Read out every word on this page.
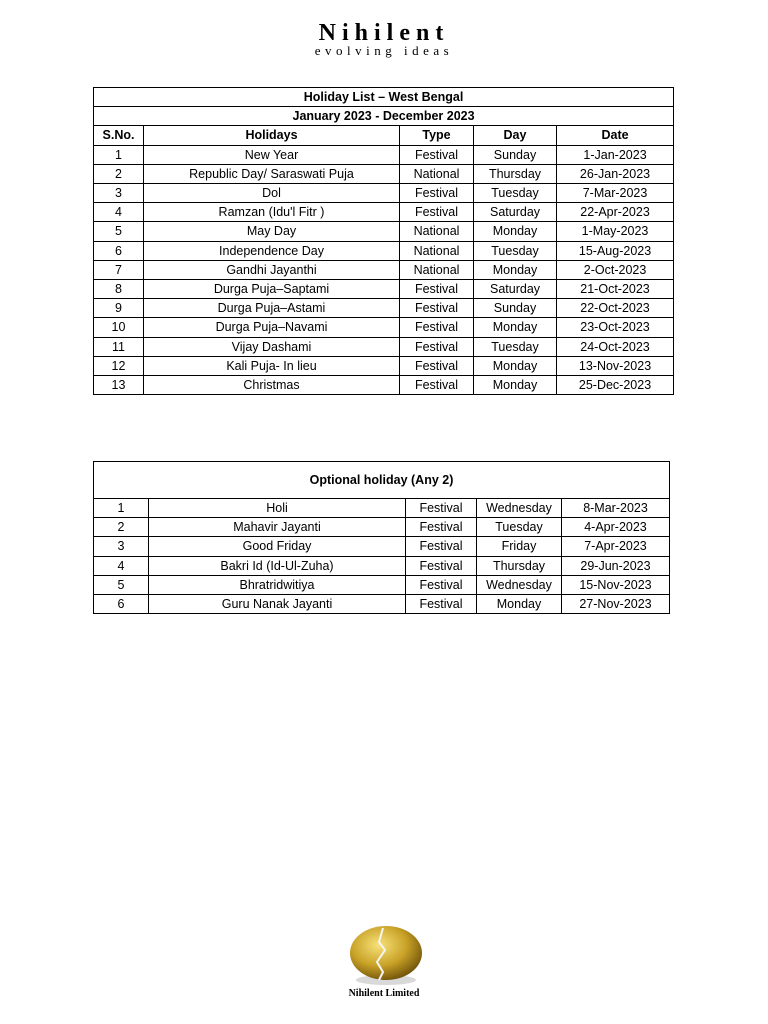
Nihilent
evolving ideas
Holiday List – West Bengal				
January 2023 - December 2023				
S.No.	Holidays	Type	Day	Date
1	New Year	Festival	Sunday	1-Jan-2023
2	Republic Day/ Saraswati Puja	National	Thursday	26-Jan-2023
3	Dol	Festival	Tuesday	7-Mar-2023
4	Ramzan (Idu'l Fitr )	Festival	Saturday	22-Apr-2023
5	May Day	National	Monday	1-May-2023
6	Independence Day	National	Tuesday	15-Aug-2023
7	Gandhi Jayanthi	National	Monday	2-Oct-2023
8	Durga Puja–Saptami	Festival	Saturday	21-Oct-2023
9	Durga Puja–Astami	Festival	Sunday	22-Oct-2023
10	Durga Puja–Navami	Festival	Monday	23-Oct-2023
11	Vijay Dashami	Festival	Tuesday	24-Oct-2023
12	Kali Puja- In lieu	Festival	Monday	13-Nov-2023
13	Christmas	Festival	Monday	25-Dec-2023
Optional holiday (Any 2)				
1	Holi	Festival	Wednesday	8-Mar-2023
2	Mahavir Jayanti	Festival	Tuesday	4-Apr-2023
3	Good Friday	Festival	Friday	7-Apr-2023
4	Bakri Id (Id-Ul-Zuha)	Festival	Thursday	29-Jun-2023
5	Bhratridwitiya	Festival	Wednesday	15-Nov-2023
6	Guru Nanak Jayanti	Festival	Monday	27-Nov-2023
Nihilent Limited
